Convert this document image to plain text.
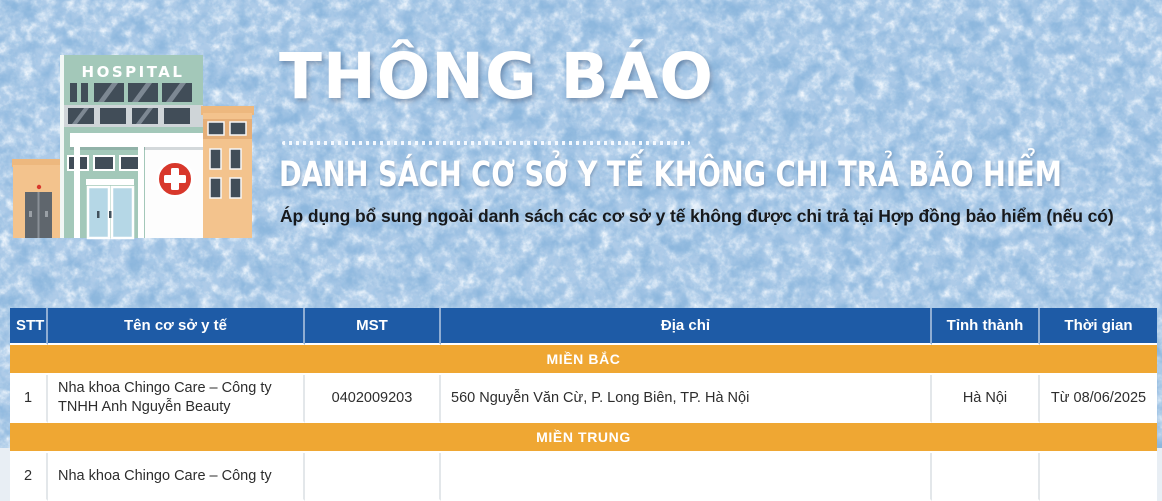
HOSPITAL THÔNG BÁO
DANH SÁCH CƠ SỞ Y TẾ KHÔNG CHI TRẢ BẢO HIỂM

Áp dụng bổ sung ngoài danh sách các cơ sở y tế không được chi trả tại Hợp đồng bảo hiểm (nếu có)

STT	Tên cơ sở y tế	MST	Địa chỉ	Tỉnh thành	Thời gian
MIỀN BẮC					
1	Nha khoa Chingo Care – Công ty TNHH Anh Nguyễn Beauty	0402009203	560 Nguyễn Văn Cừ, P. Long Biên, TP. Hà Nội	Hà Nội	Từ 08/06/2025
MIỀN TRUNG					
2	Nha khoa Chingo Care – Công ty				
